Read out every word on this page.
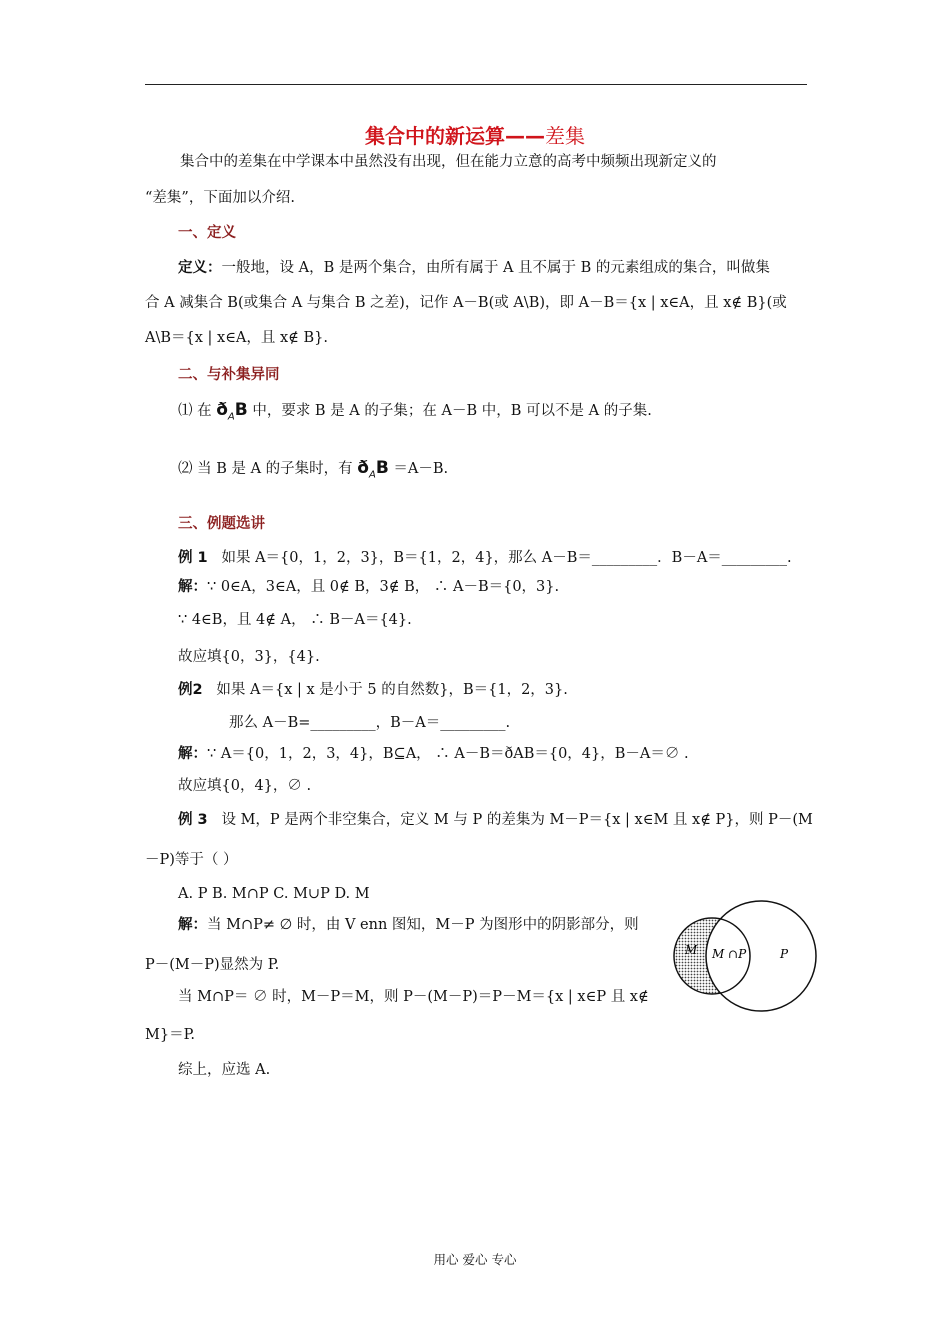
集合中的新运算——差集
集合中的差集在中学课本中虽然没有出现，但在能力立意的高考中频频出现新定义的
“差集”，下面加以介绍.
一、定义
定义：一般地，设 A，B 是两个集合，由所有属于 A 且不属于 B 的元素组成的集合，叫做集
合 A 减集合 B(或集合 A 与集合 B 之差)，记作 A－B(或 A\B)，即 A－B＝{x | x∈A，且 x∉ B}(或
A\B＝{x | x∈A，且 x∉ B}.
二、与补集异同
⑴ 在 $ð_AB$ 中，要求 B 是 A 的子集；在 A－B 中，B 可以不是 A 的子集.
⑵ 当 B 是 A 的子集时，有 $ð_AB =A-B$.
三、例题选讲
例 1 如果 A＝{0，1，2，3}，B＝{1，2，4}，那么 A－B＝_________．B－A＝_________.
解：∵ 0∈A，3∈A，且 0∉ B，3∉ B， ∴ A－B＝{0，3}.
∵ 4∈B，且 4∉ A， ∴ B－A＝{4}.
故应填{0，3}，{4}.
例2 如果 A＝{x | x 是小于 5 的自然数}，B＝{1，2，3}.
那么 A－B=_________，B－A＝_________.
解：∵ A＝{0，1，2，3，4}，B⊆A， ∴ A－B＝ðAB＝{0，4}，B－A＝∅ .
故应填{0，4}，∅ .
例 3 设 M，P 是两个非空集合，定义 M 与 P 的差集为 M－P＝{x | x∈M 且 x∉ P}，则 P－(M
－P)等于（ ）
A. P B. M∩P C. M∪P D. M
解：当 M∩P≠ ∅ 时，由 V enn 图知，M－P 为图形中的阴影部分，则
P－(M－P)显然为 P.
当 M∩P＝ ∅ 时，M－P＝M，则 P－(M－P)＝P－M＝{x | x∈P 且 x∉
M}＝P.
综上，应选 A.
M M ∩P	P
用心 爱心 专心
